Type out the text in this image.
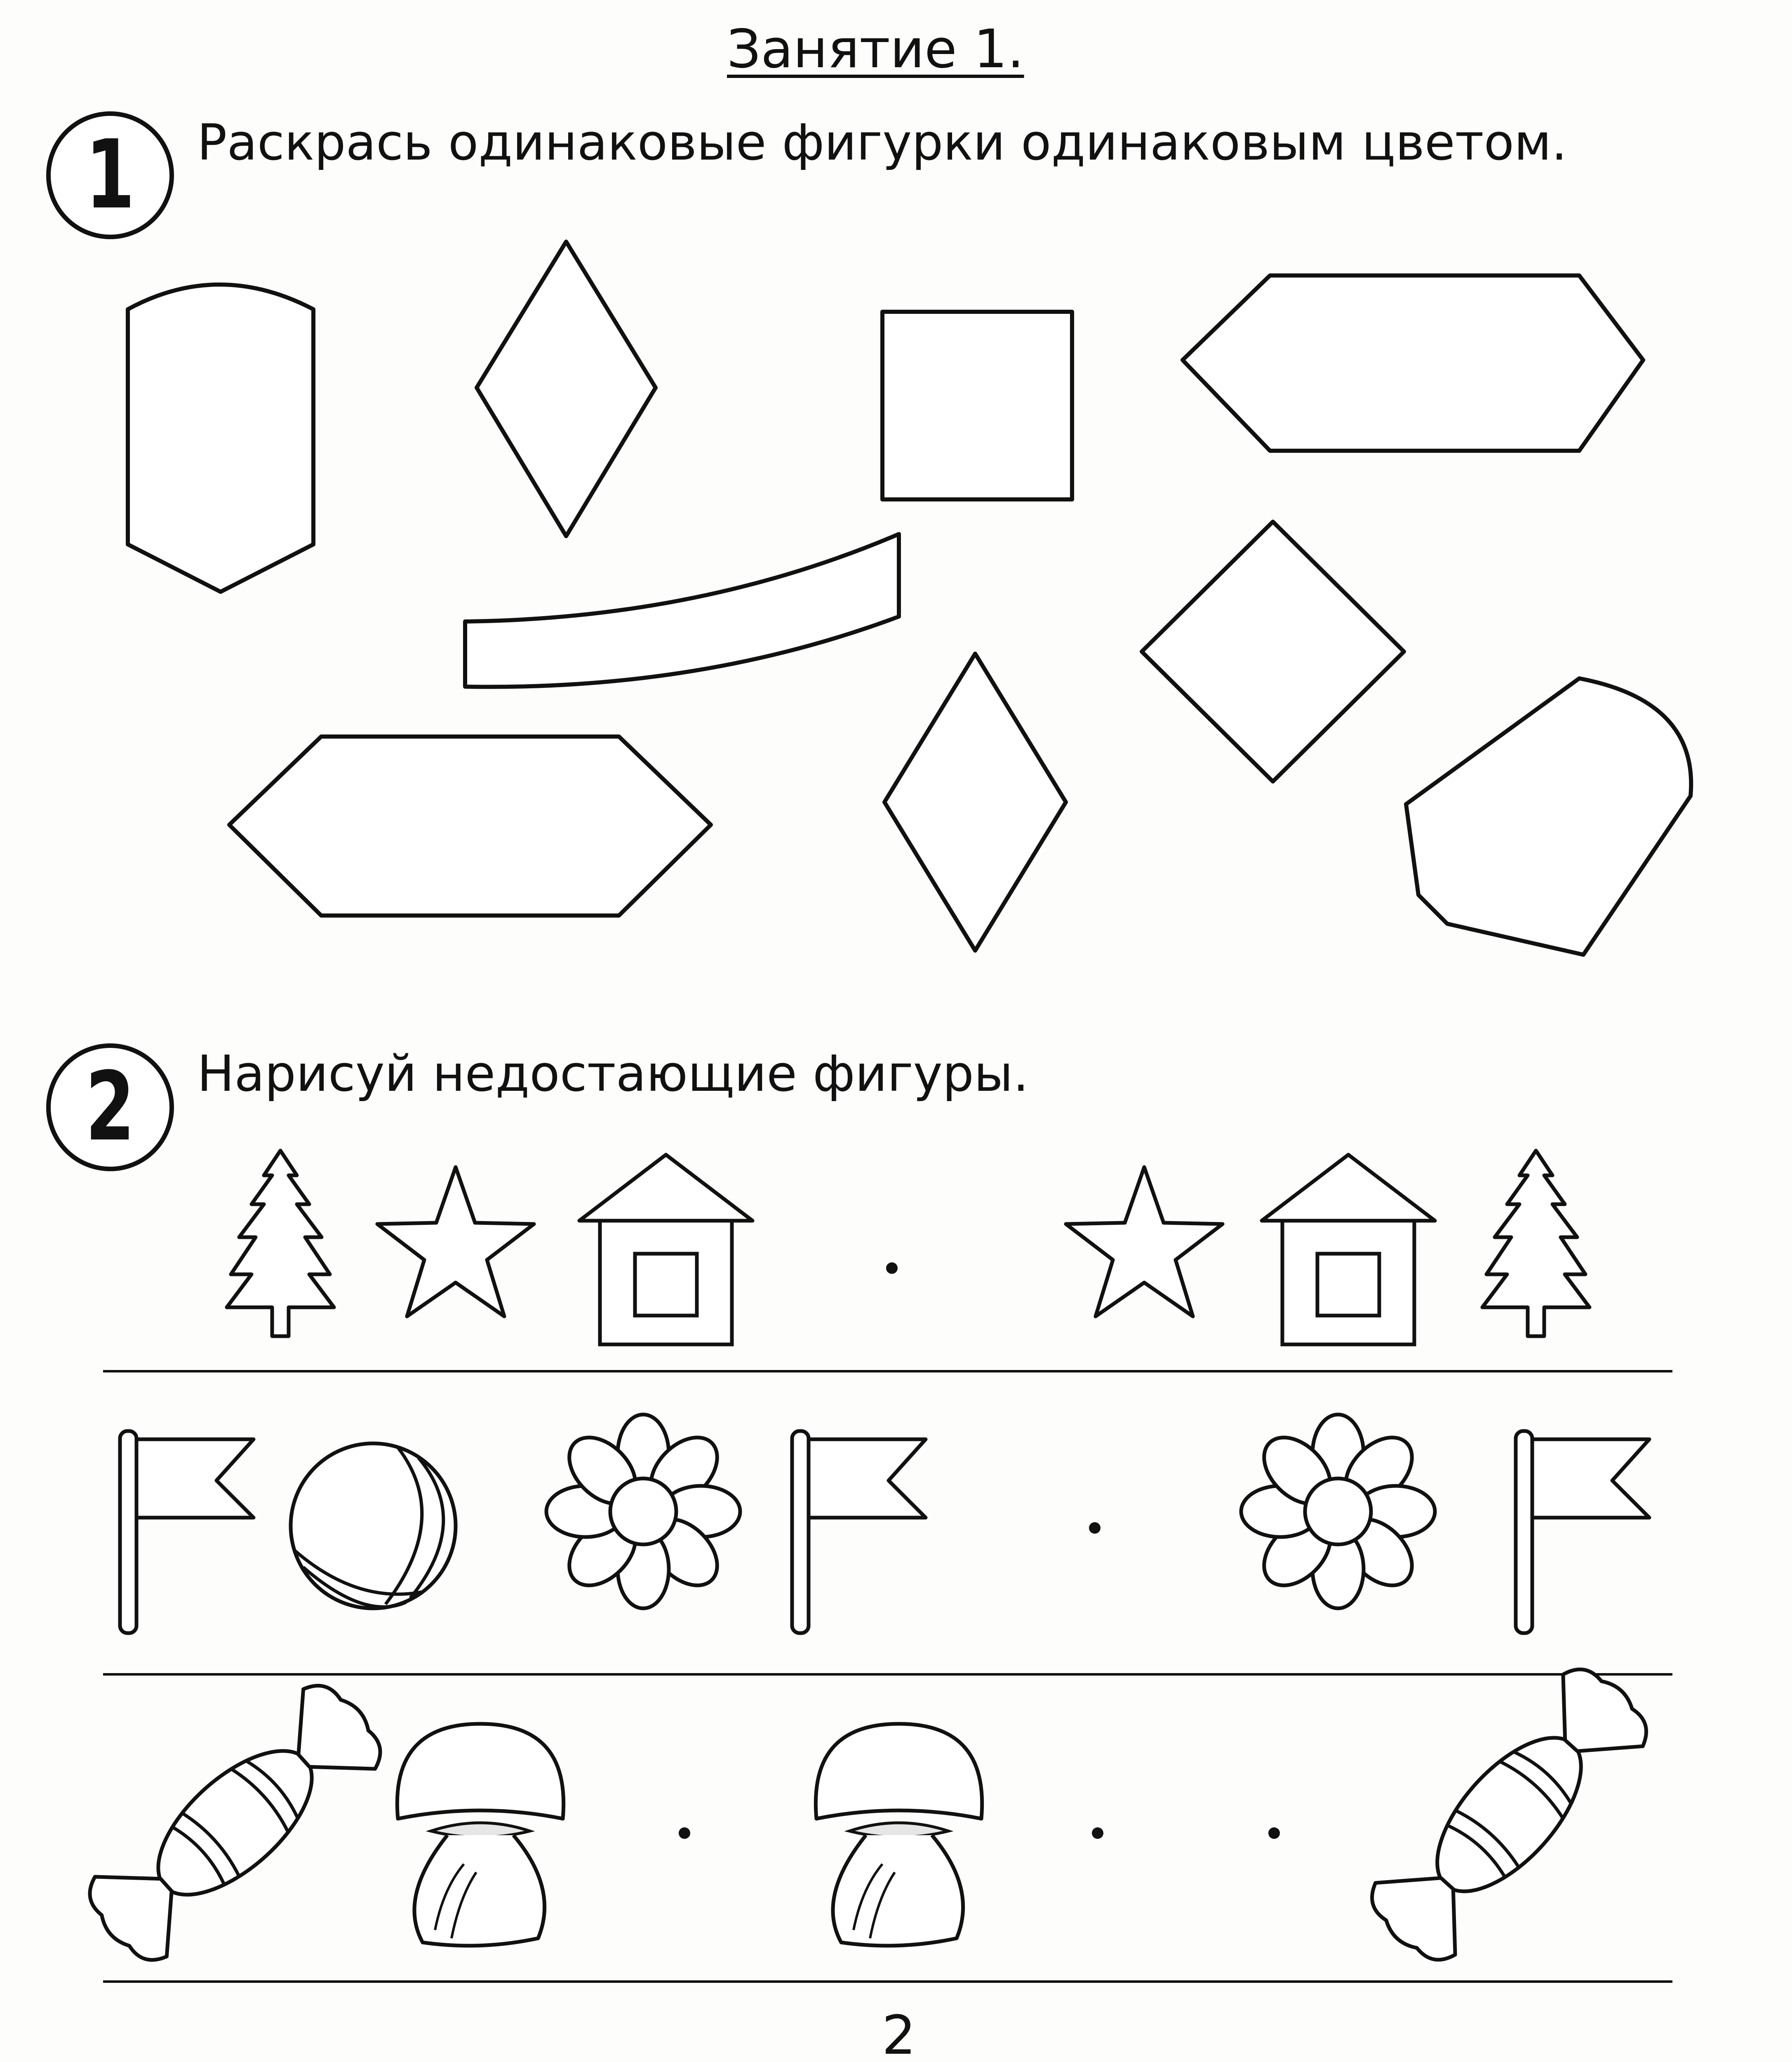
Занятие 1.
1 Раскрась одинаковые фигурки одинаковым цветом.
2 Нарисуй недостающие фигуры.
2
